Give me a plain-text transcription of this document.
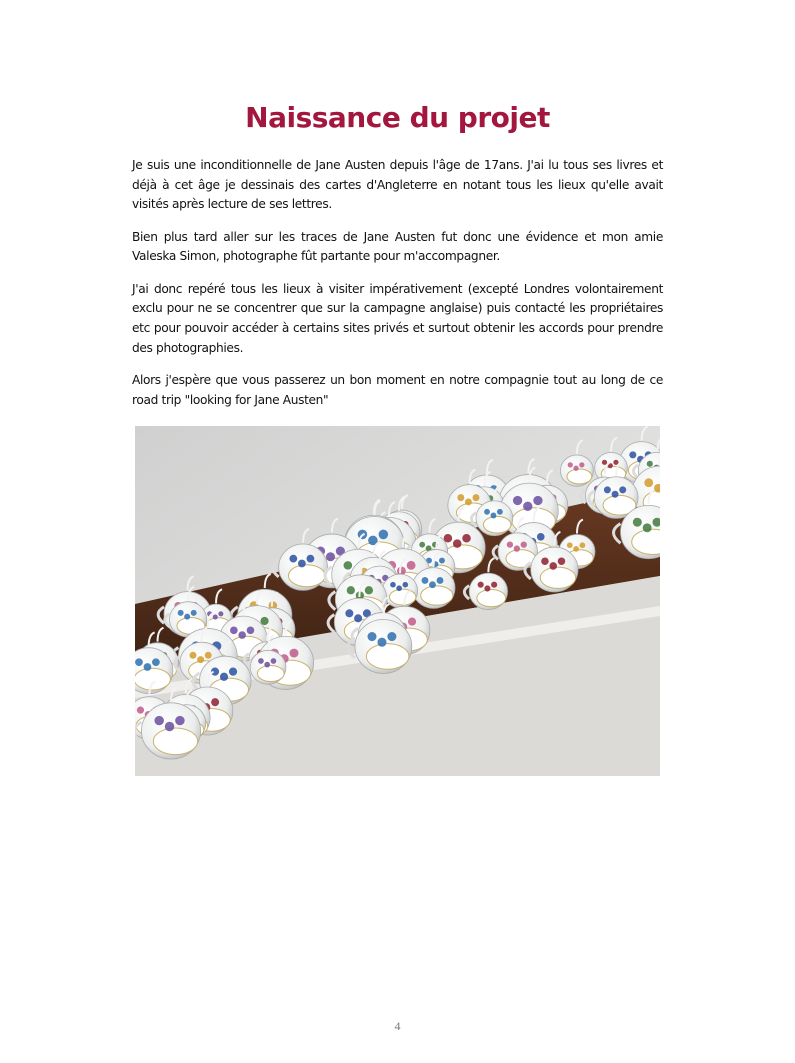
Naissance du projet

Je suis une inconditionnelle de Jane Austen depuis l'âge de 17ans. J'ai lu tous ses livres et déjà à cet âge je dessinais des cartes d'Angleterre en notant tous les lieux qu'elle avait visités après lecture de ses lettres.

Bien plus tard aller sur les traces de Jane Austen fut donc une évidence et mon amie Valeska Simon, photographe fût partante pour m'accompagner.

J'ai donc repéré tous les lieux à visiter impérativement (excepté Londres volontairement exclu pour ne se concentrer que sur la campagne anglaise) puis contacté les propriétaires etc pour pouvoir accéder à certains sites privés et surtout obtenir les accords pour prendre des photographies.

Alors j'espère que vous passerez un bon moment en notre compagnie tout au long de ce road trip "looking for Jane Austen"

4
